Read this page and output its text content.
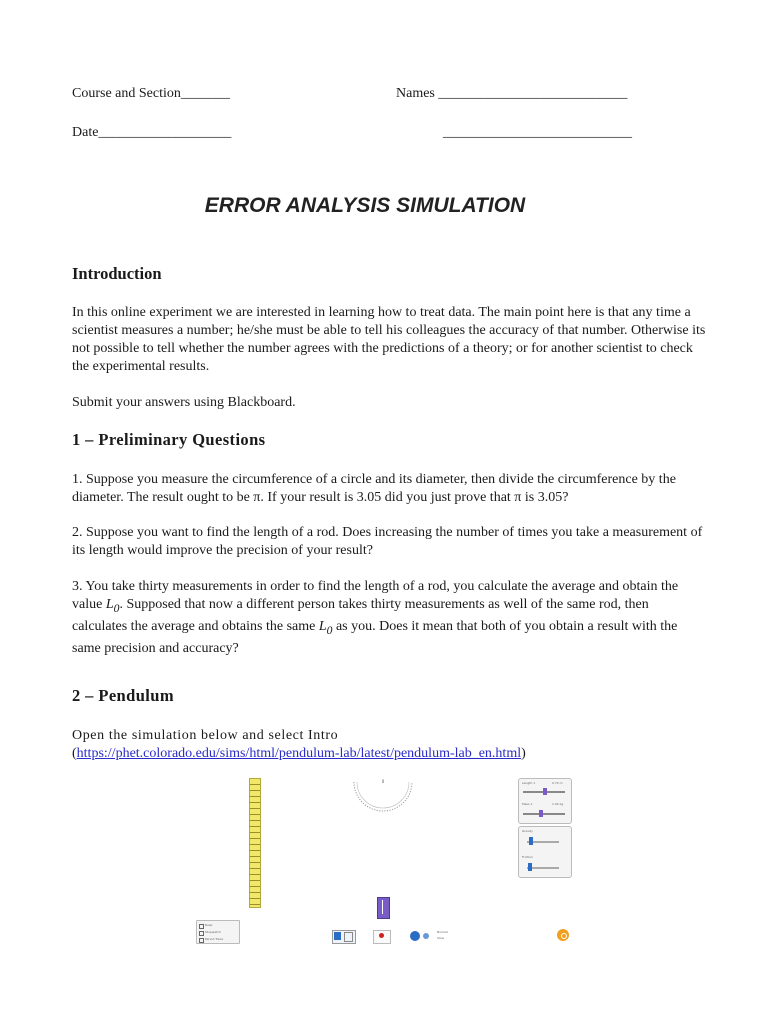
Course and Section_______	Names ___________________________
Date___________________	___________________________
ERROR ANALYSIS SIMULATION
Introduction

In this online experiment we are interested in learning how to treat data. The main point here is that any time a scientist measures a number; he/she must be able to tell his colleagues the accuracy of that number. Otherwise its not possible to tell whether the number agrees with the predictions of a theory; or for another scientist to check the experimental results.

Submit your answers using Blackboard.

1 – Preliminary Questions

1. Suppose you measure the circumference of a circle and its diameter, then divide the circumference by the diameter. The result ought to be π. If your result is 3.05 did you just prove that π is 3.05?

2. Suppose you want to find the length of a rod. Does increasing the number of times you take a measurement of its length would improve the precision of your result?

3. You take thirty measurements in order to find the length of a rod, you calculate the average and obtain the value $L_0$. Supposed that now a different person takes thirty measurements as well of the same rod, then calculates the average and obtains the same $L_0$ as you. Does it mean that both of you obtain a result with the same precision and accuracy?

2 – Pendulum
Open the simulation below and select Intro
(https://phet.colorado.edu/sims/html/pendulum-lab/latest/pendulum-lab_en.html)
0	Length 1	0.70 m
Mass 1	1.00 kg
Gravity
Friction
Ruler
Stopwatch
Period Trace
Normal
Slow
